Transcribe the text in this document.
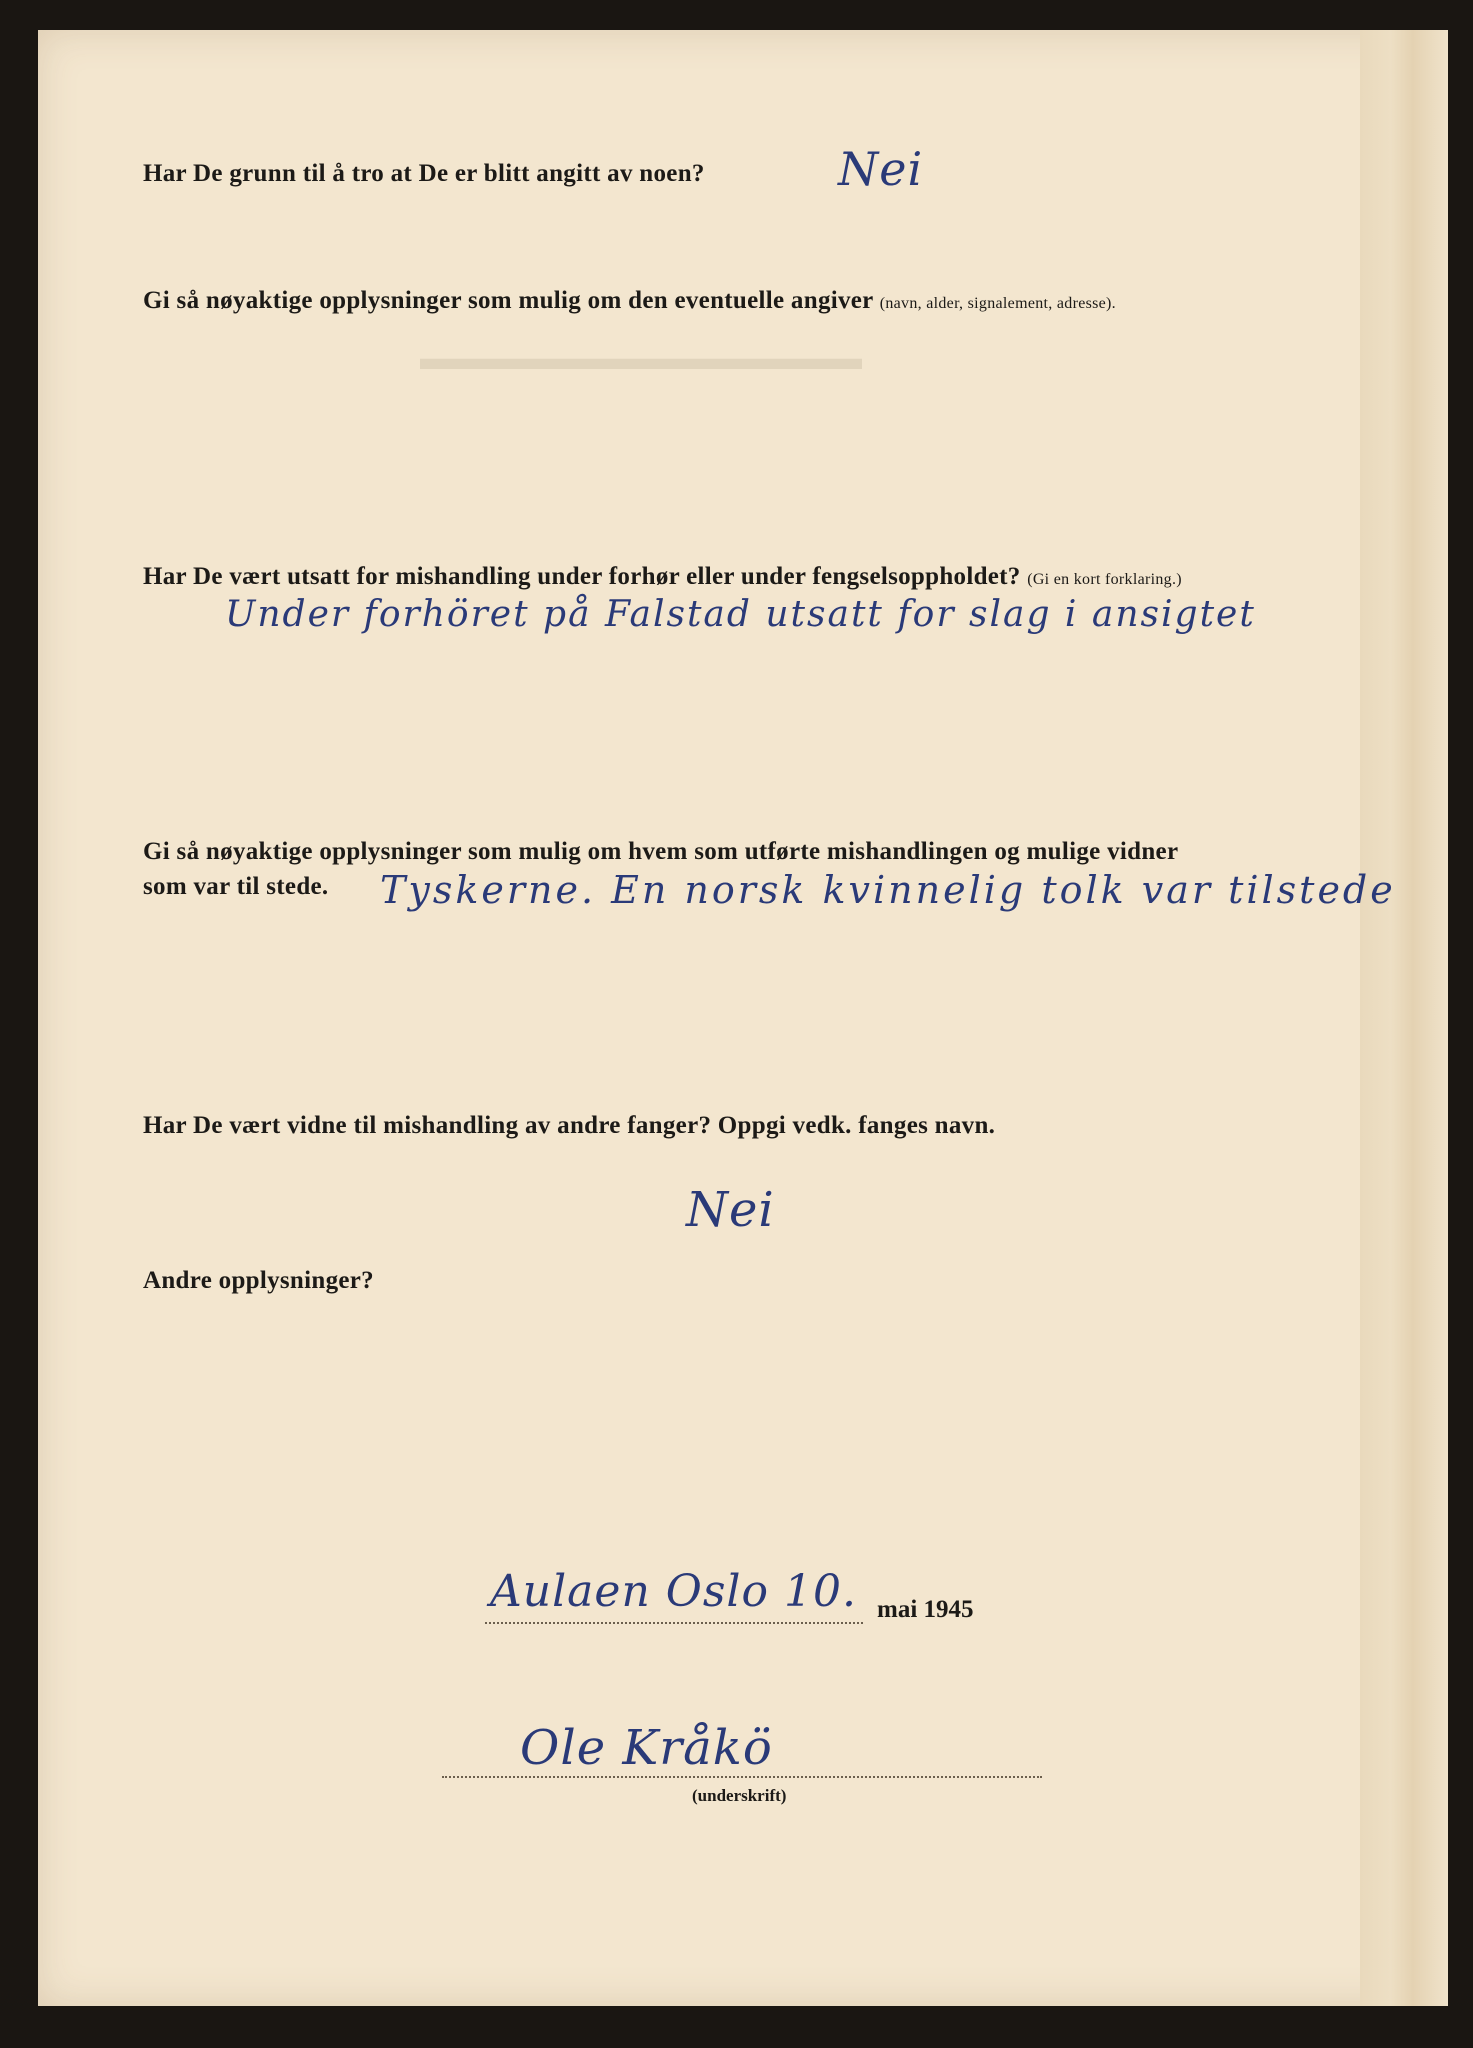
▬▬▬▬▬▬▬▬▬▬▬▬▬
Har De grunn til å tro at De er blitt angitt av noen?	Nei
Gi så nøyaktige opplysninger som mulig om den eventuelle angiver (navn, alder, signalement, adresse).
Har De vært utsatt for mishandling under forhør eller under fengselsoppholdet? (Gi en kort forklaring.)
Under forhöret på Falstad utsatt for slag i ansigtet
Gi så nøyaktige opplysninger som mulig om hvem som utførte mishandlingen og mulige vidner
som var til stede. Tyskerne. En norsk kvinnelig tolk var tilstede
Har De vært vidne til mishandling av andre fanger? Oppgi vedk. fanges navn.
Nei
Andre opplysninger?
Aulaen Oslo 10. mai 1945
Ole Kråkö
(underskrift)
